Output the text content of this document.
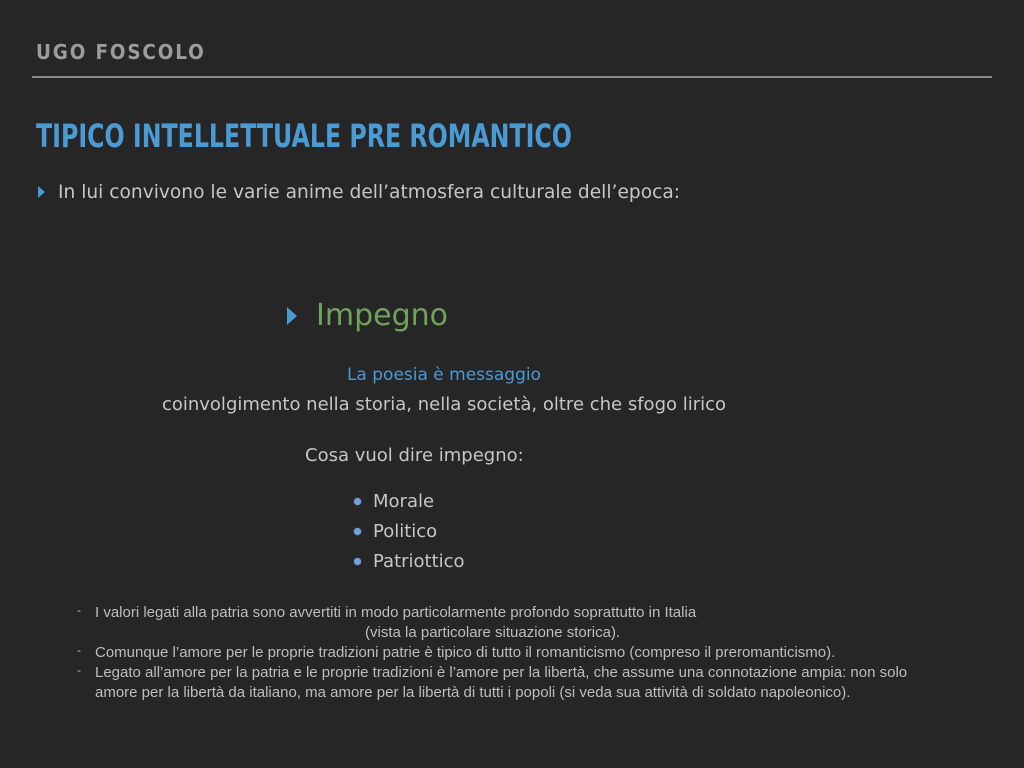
UGO FOSCOLO
TIPICO INTELLETTUALE PRE ROMANTICO
In lui convivono le varie anime dell’atmosfera culturale dell’epoca:
Impegno
La poesia è messaggio
coinvolgimento nella storia, nella società, oltre che sfogo lirico
Cosa vuol dire impegno:
Morale
Politico
Patriottico
- I valori legati alla patria sono avvertiti in modo particolarmente profondo soprattutto in Italia
(vista la particolare situazione storica).
- Comunque l’amore per le proprie tradizioni patrie è tipico di tutto il romanticismo (compreso il preromanticismo).
- Legato all’amore per la patria e le proprie tradizioni è l’amore per la libertà, che assume una connotazione ampia: non solo amore per la libertà da italiano, ma amore per la libertà di tutti i popoli (si veda sua attività di soldato napoleonico).
